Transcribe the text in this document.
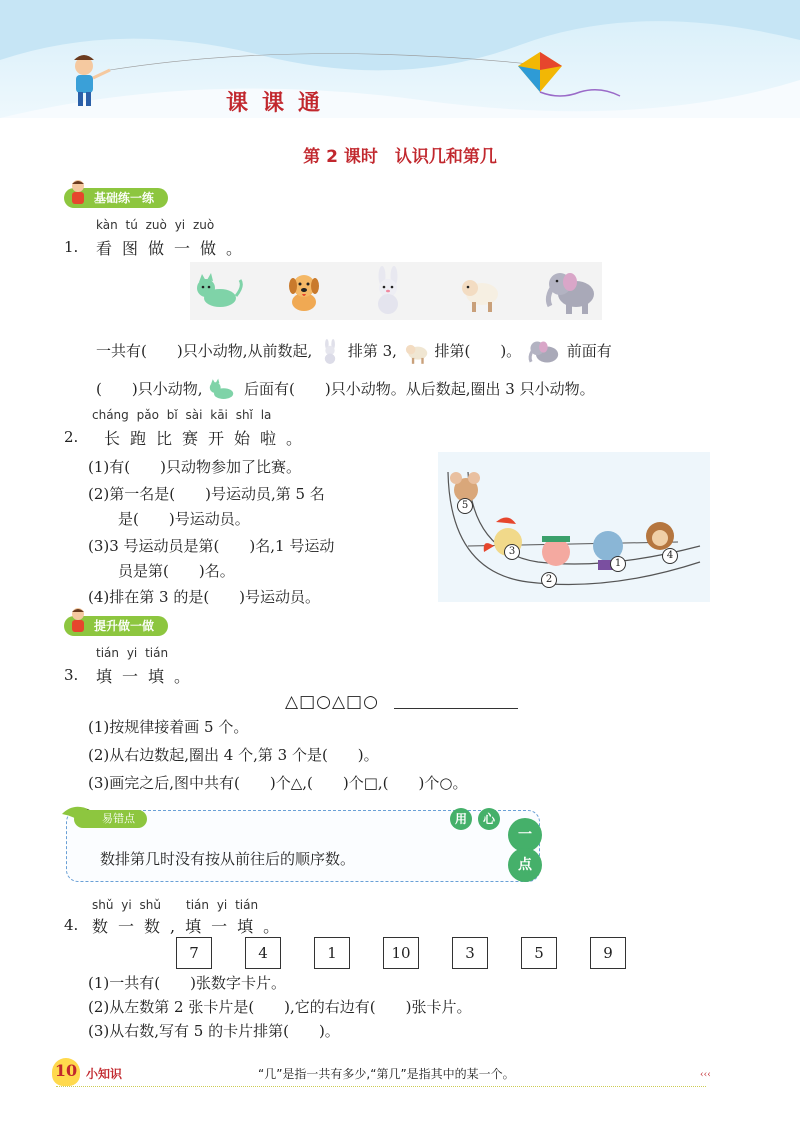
课课通
第 2 课时　认识几和第几
基础练一练
kàn tú zuò yi zuò
1. 看图做一做。
一共有(　　)只小动物,从前数起, 排第 3,	排第(　　)。	前面有
(　　)只小动物,	后面有(　　)只小动物。从后数起,圈出 3 只小动物。
cháng pǎo bǐ sài kāi shǐ la
2. 长跑比赛开始啦。
(1)有(　　)只动物参加了比赛。
(2)第一名是(　　)号运动员,第 5 名
是(　　)号运动员。
(3)3 号运动员是第(　　)名,1 号运动
员是第(　　)名。
(4)排在第 3 的是(　　)号运动员。
5
3
2
1
4
提升做一做
tián yi tián
3. 填一填。
△□○△□○
(1)按规律接着画 5 个。
(2)从右边数起,圈出 4 个,第 3 个是(　　)。
(3)画完之后,图中共有(　　)个△,(　　)个□,(　　)个○。
易错点
数排第几时没有按从前往后的顺序数。
用	心
一
点
shǔ yi shǔ tián yi tián
4. 数一数,填一填。
7	4	1	10	3	5	9
(1)一共有(　　)张数字卡片。
(2)从左数第 2 张卡片是(　　),它的右边有(　　)张卡片。
(3)从右数,写有 5 的卡片排第(　　)。
10 小知识	“几”是指一共有多少,“第几”是指其中的某一个。	‹‹‹
